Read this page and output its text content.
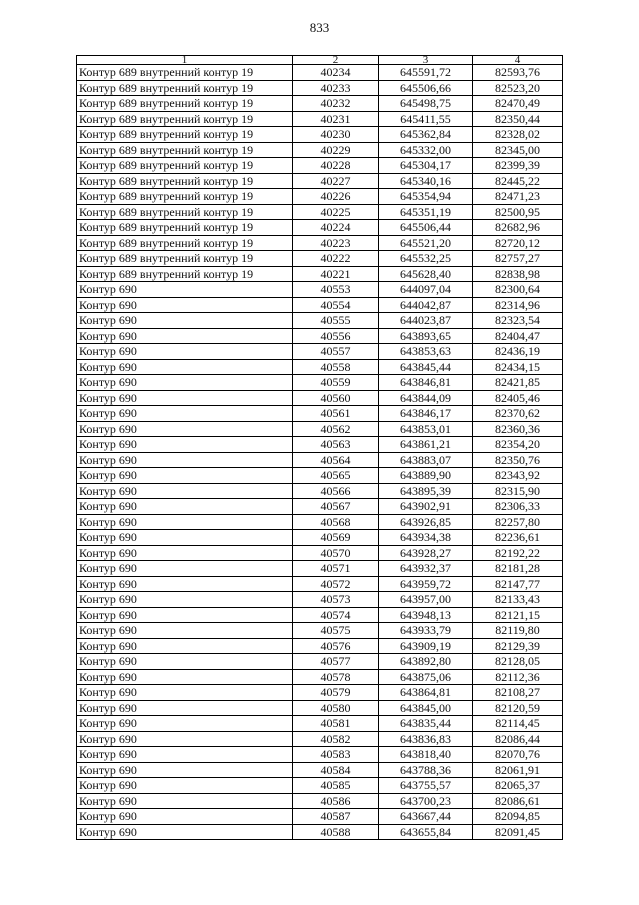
833
1	2	3	4
Контур 689 внутренний контур 19	40234	645591,72	82593,76
Контур 689 внутренний контур 19	40233	645506,66	82523,20
Контур 689 внутренний контур 19	40232	645498,75	82470,49
Контур 689 внутренний контур 19	40231	645411,55	82350,44
Контур 689 внутренний контур 19	40230	645362,84	82328,02
Контур 689 внутренний контур 19	40229	645332,00	82345,00
Контур 689 внутренний контур 19	40228	645304,17	82399,39
Контур 689 внутренний контур 19	40227	645340,16	82445,22
Контур 689 внутренний контур 19	40226	645354,94	82471,23
Контур 689 внутренний контур 19	40225	645351,19	82500,95
Контур 689 внутренний контур 19	40224	645506,44	82682,96
Контур 689 внутренний контур 19	40223	645521,20	82720,12
Контур 689 внутренний контур 19	40222	645532,25	82757,27
Контур 689 внутренний контур 19	40221	645628,40	82838,98
Контур 690	40553	644097,04	82300,64
Контур 690	40554	644042,87	82314,96
Контур 690	40555	644023,87	82323,54
Контур 690	40556	643893,65	82404,47
Контур 690	40557	643853,63	82436,19
Контур 690	40558	643845,44	82434,15
Контур 690	40559	643846,81	82421,85
Контур 690	40560	643844,09	82405,46
Контур 690	40561	643846,17	82370,62
Контур 690	40562	643853,01	82360,36
Контур 690	40563	643861,21	82354,20
Контур 690	40564	643883,07	82350,76
Контур 690	40565	643889,90	82343,92
Контур 690	40566	643895,39	82315,90
Контур 690	40567	643902,91	82306,33
Контур 690	40568	643926,85	82257,80
Контур 690	40569	643934,38	82236,61
Контур 690	40570	643928,27	82192,22
Контур 690	40571	643932,37	82181,28
Контур 690	40572	643959,72	82147,77
Контур 690	40573	643957,00	82133,43
Контур 690	40574	643948,13	82121,15
Контур 690	40575	643933,79	82119,80
Контур 690	40576	643909,19	82129,39
Контур 690	40577	643892,80	82128,05
Контур 690	40578	643875,06	82112,36
Контур 690	40579	643864,81	82108,27
Контур 690	40580	643845,00	82120,59
Контур 690	40581	643835,44	82114,45
Контур 690	40582	643836,83	82086,44
Контур 690	40583	643818,40	82070,76
Контур 690	40584	643788,36	82061,91
Контур 690	40585	643755,57	82065,37
Контур 690	40586	643700,23	82086,61
Контур 690	40587	643667,44	82094,85
Контур 690	40588	643655,84	82091,45
